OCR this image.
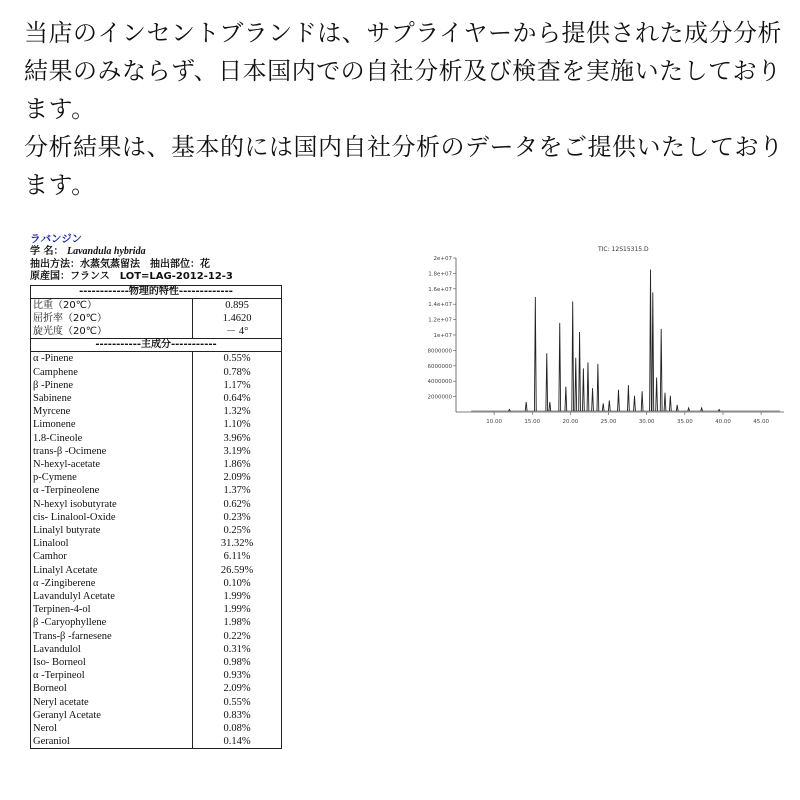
当店のインセントブランドは、サプライヤーから提供された成分分析結果のみならず、日本国内での自社分析及び検査を実施いたしております。

分析結果は、基本的には国内自社分析のデータをご提供いたしております。

ラバンジン
学 名： Lavandula hybrida
抽出方法：水蒸気蒸留法　抽出部位：花
原産国：フランス　LOT=LAG-2012-12-3
------------物理的特性-------------
比重（20℃）	0.895
屈折率（20℃）	1.4620
旋光度（20℃）	－ 4°
-----------主成分-----------
α -Pinene	0.55%
Camphene	0.78%
β -Pinene	1.17%
Sabinene	0.64%
Myrcene	1.32%
Limonene	1.10%
1.8-Cineole	3.96%
trans-β -Ocimene	3.19%
N-hexyl-acetate	1.86%
p-Cymene	2.09%
α -Terpineolene	1.37%
N-hexyl isobutyrate	0.62%
cis- Linalool-Oxide	0.23%
Linalyl butyrate	0.25%
Linalool	31.32%
Camhor	6.11%
Linalyl Acetate	26.59%
α -Zingiberene	0.10%
Lavandulyl Acetate	1.99%
Terpinen-4-ol	1.99%
β -Caryophyllene	1.98%
Trans-β -farnesene	0.22%
Lavandulol	0.31%
Iso- Borneol	0.98%
α -Terpineol	0.93%
Borneol	2.09%
Neryl acetate	0.55%
Geranyl Acetate	0.83%
Nerol	0.08%
Geraniol	0.14%
TIC: 12S15315.D
2e+07
1.8e+07
1.6e+07
1.4e+07
1.2e+07
1e+07
8000000
6000000
4000000
2000000
10.00	15.00	20.00	25.00	30.00	35.00	40.00	45.00
